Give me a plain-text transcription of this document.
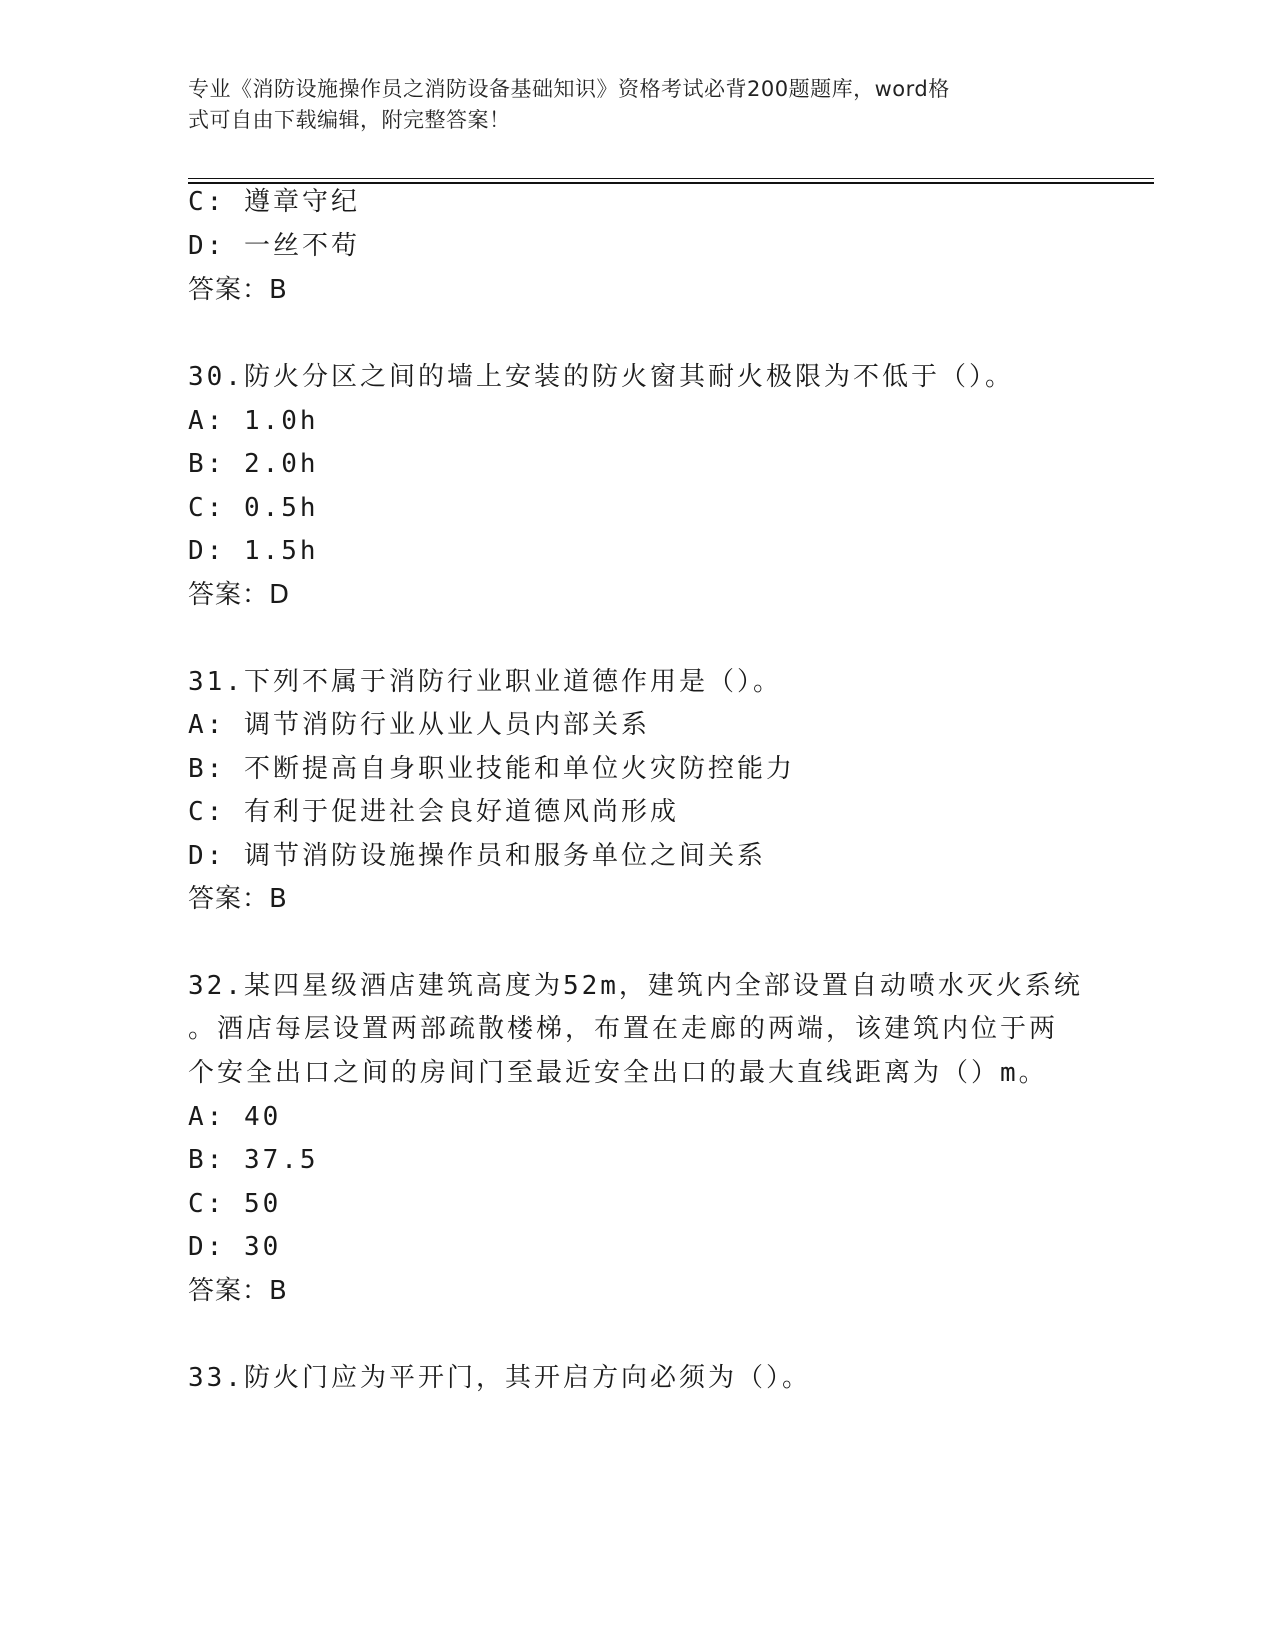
专业《消防设施操作员之消防设备基础知识》资格考试必背200题题库，word格
式可自由下载编辑，附完整答案！
C: 遵章守纪
D: 一丝不苟
答案：B
30.防火分区之间的墙上安装的防火窗其耐火极限为不低于（）。
A: 1.0h
B: 2.0h
C: 0.5h
D: 1.5h
答案：D
31.下列不属于消防行业职业道德作用是（）。
A: 调节消防行业从业人员内部关系
B: 不断提高自身职业技能和单位火灾防控能力
C: 有利于促进社会良好道德风尚形成
D: 调节消防设施操作员和服务单位之间关系
答案：B
32.某四星级酒店建筑高度为52m，建筑内全部设置自动喷水灭火系统
。酒店每层设置两部疏散楼梯，布置在走廊的两端，该建筑内位于两
个安全出口之间的房间门至最近安全出口的最大直线距离为（）m。
A: 40
B: 37.5
C: 50
D: 30
答案：B
33.防火门应为平开门，其开启方向必须为（）。
